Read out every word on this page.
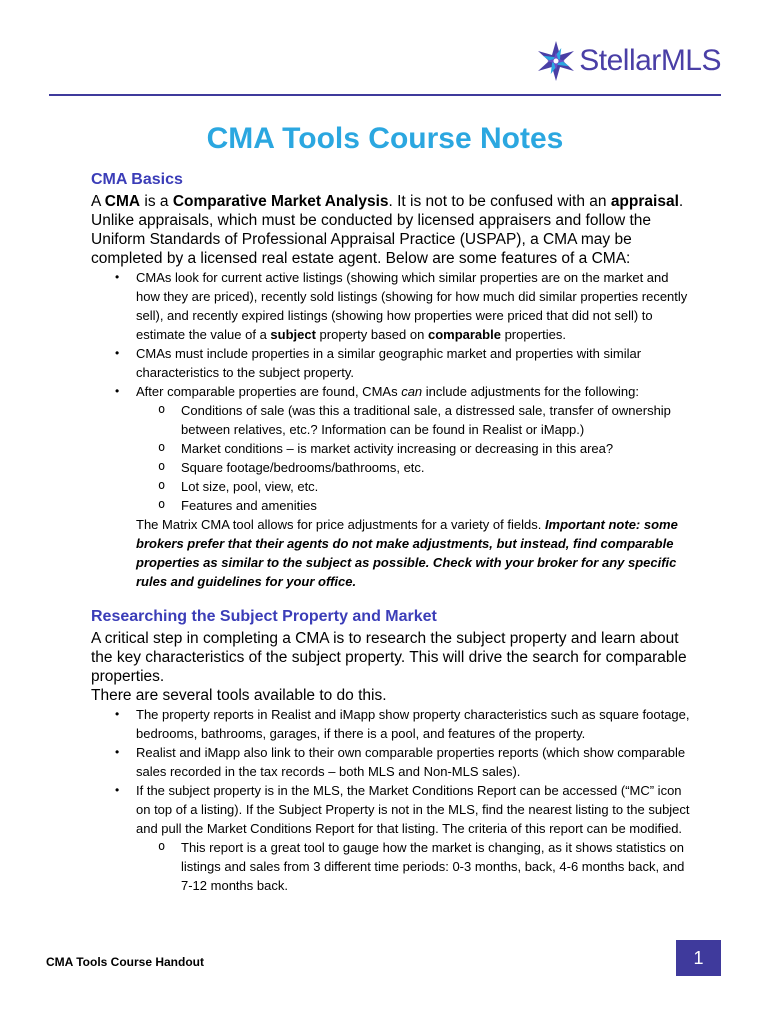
StellarMLS
CMA Tools Course Notes
CMA Basics

A CMA is a Comparative Market Analysis. It is not to be confused with an appraisal. Unlike appraisals, which must be conducted by licensed appraisers and follow the Uniform Standards of Professional Appraisal Practice (USPAP), a CMA may be completed by a licensed real estate agent. Below are some features of a CMA:

• CMAs look for current active listings (showing which similar properties are on the market and how they are priced), recently sold listings (showing for how much did similar properties recently sell), and recently expired listings (showing how properties were priced that did not sell) to estimate the value of a subject property based on comparable properties.
• CMAs must include properties in a similar geographic market and properties with similar characteristics to the subject property.
• After comparable properties are found, CMAs can include adjustments for the following:
o Conditions of sale (was this a traditional sale, a distressed sale, transfer of ownership between relatives, etc.? Information can be found in Realist or iMapp.)
o Market conditions – is market activity increasing or decreasing in this area?
o Square footage/bedrooms/bathrooms, etc.
o Lot size, pool, view, etc.
o Features and amenities

The Matrix CMA tool allows for price adjustments for a variety of fields. Important note: some brokers prefer that their agents do not make adjustments, but instead, find comparable properties as similar to the subject as possible. Check with your broker for any specific rules and guidelines for your office.

Researching the Subject Property and Market

A critical step in completing a CMA is to research the subject property and learn about the key characteristics of the subject property. This will drive the search for comparable properties.

There are several tools available to do this.

• The property reports in Realist and iMapp show property characteristics such as square footage, bedrooms, bathrooms, garages, if there is a pool, and features of the property.
• Realist and iMapp also link to their own comparable properties reports (which show comparable sales recorded in the tax records – both MLS and Non-MLS sales).
• If the subject property is in the MLS, the Market Conditions Report can be accessed (“MC” icon on top of a listing). If the Subject Property is not in the MLS, find the nearest listing to the subject and pull the Market Conditions Report for that listing. The criteria of this report can be modified.
o This report is a great tool to gauge how the market is changing, as it shows statistics on listings and sales from 3 different time periods: 0-3 months, back, 4-6 months back, and 7-12 months back.
CMA Tools Course Handout	1
